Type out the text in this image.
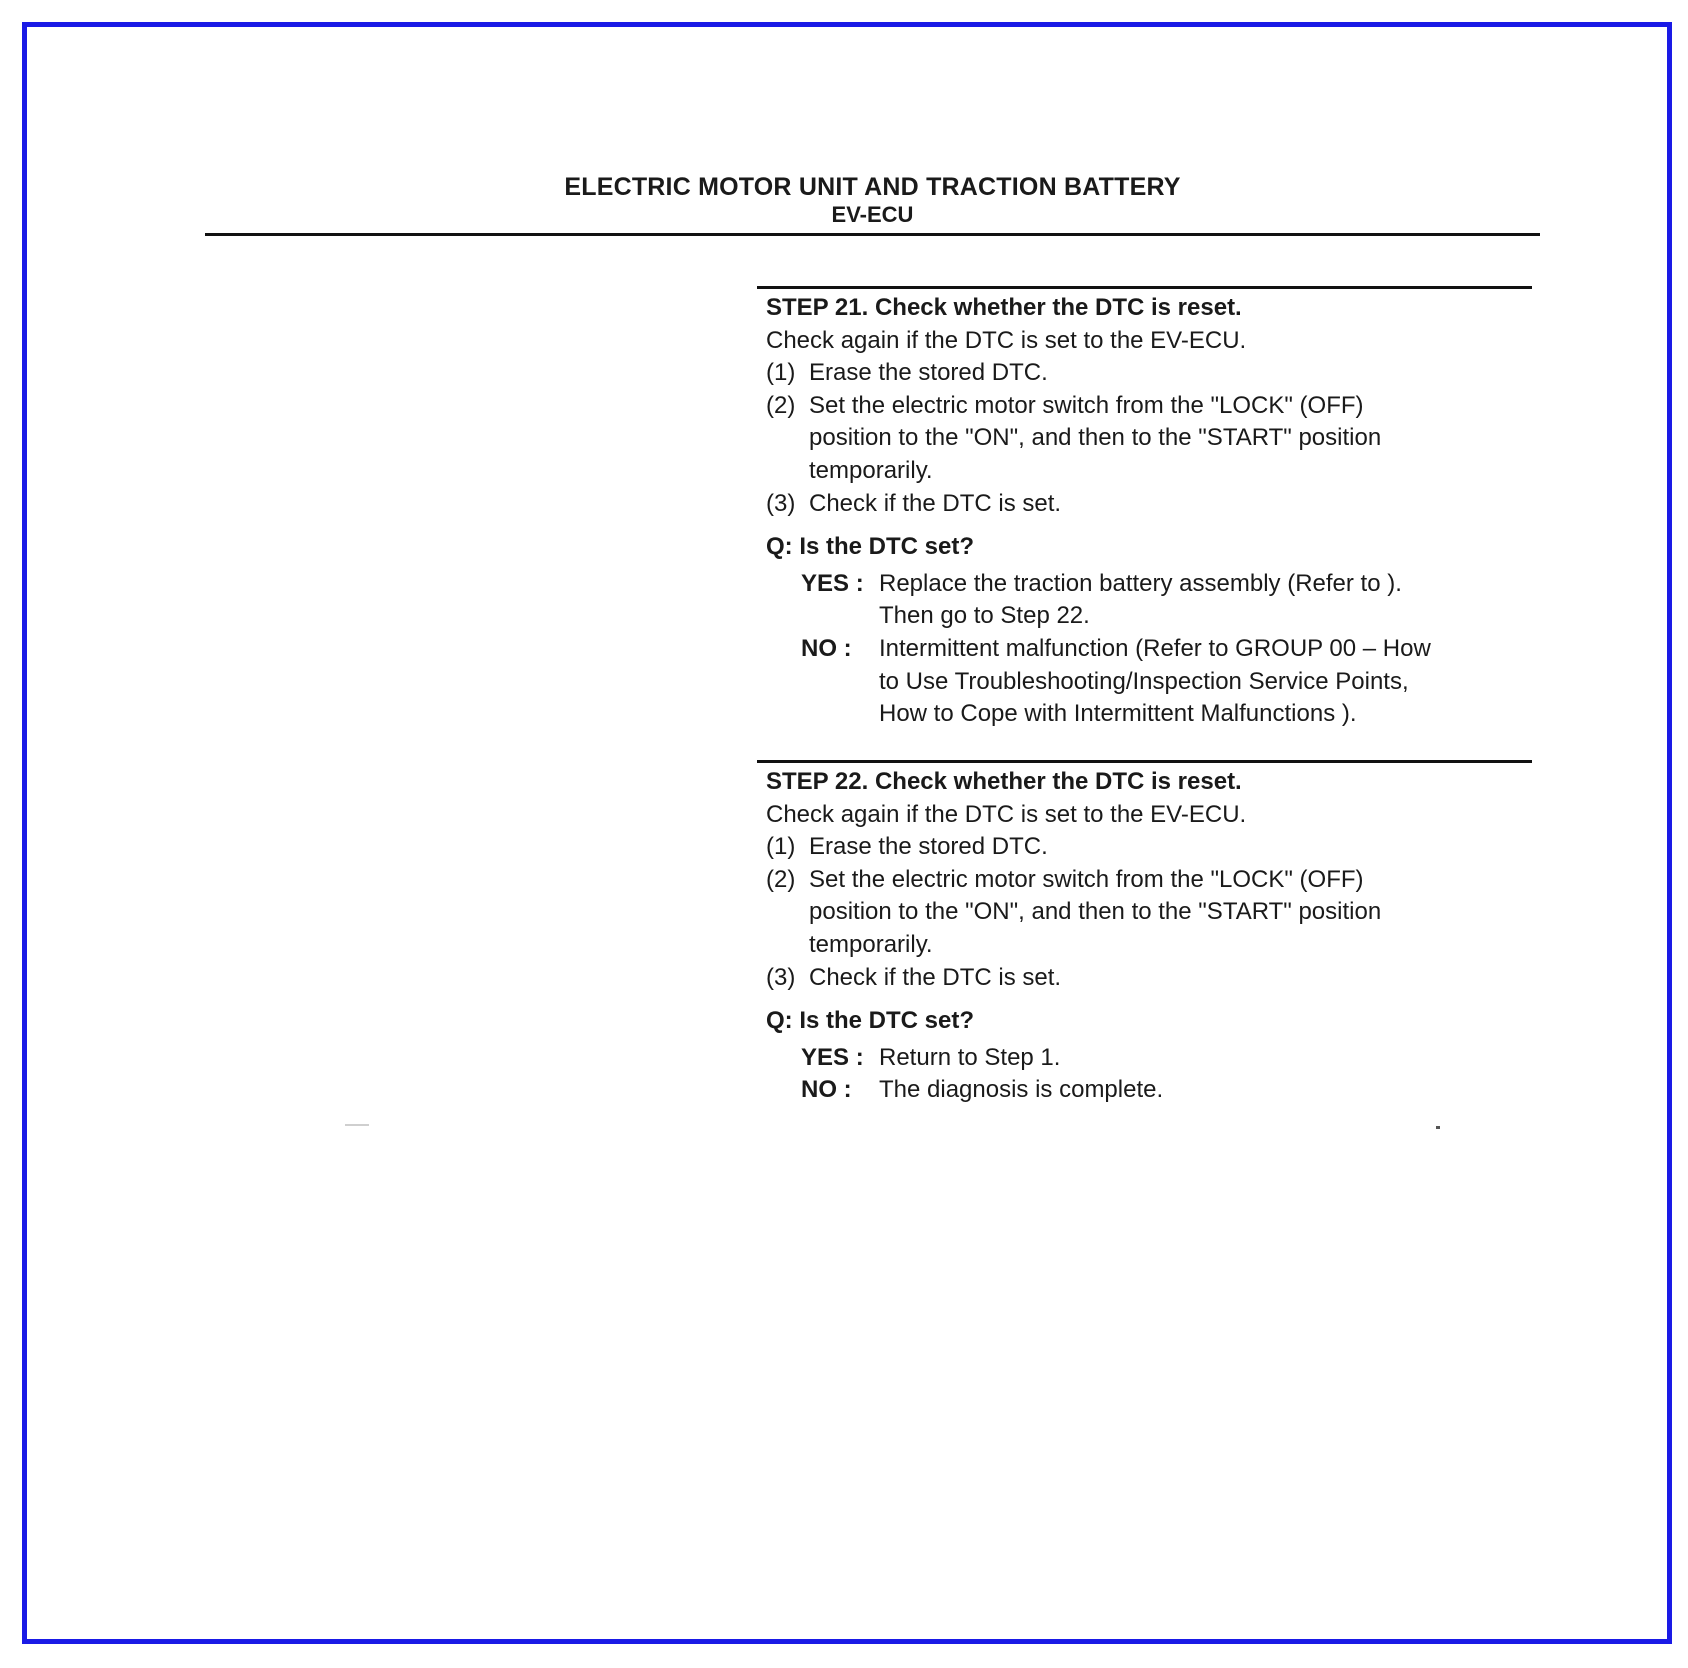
ELECTRIC MOTOR UNIT AND TRACTION BATTERY
EV-ECU
STEP 21. Check whether the DTC is reset.
Check again if the DTC is set to the EV-ECU.
(1) Erase the stored DTC.
(2) Set the electric motor switch from the "LOCK" (OFF)
position to the "ON", and then to the "START" position
temporarily.
(3) Check if the DTC is set.
Q: Is the DTC set?
YES : Replace the traction battery assembly (Refer to ).
Then go to Step 22.
NO :	Intermittent malfunction (Refer to GROUP 00 – How
to Use Troubleshooting/Inspection Service Points,
How to Cope with Intermittent Malfunctions ).
STEP 22. Check whether the DTC is reset.
Check again if the DTC is set to the EV-ECU.
(1) Erase the stored DTC.
(2) Set the electric motor switch from the "LOCK" (OFF)
position to the "ON", and then to the "START" position
temporarily.
(3) Check if the DTC is set.
Q: Is the DTC set?
YES : Return to Step 1.
NO :	The diagnosis is complete.
